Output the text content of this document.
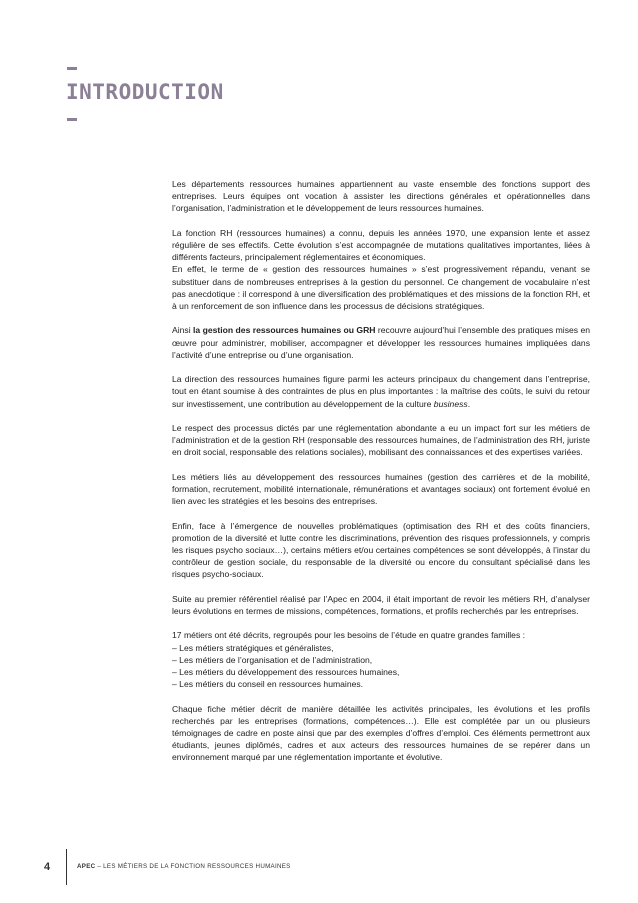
INTRODUCTION

Les départements ressources humaines appartiennent au vaste ensemble des fonctions support des entreprises. Leurs équipes ont vocation à assister les directions générales et opérationnelles dans l’organisation, l’administration et le développement de leurs ressources humaines.

La fonction RH (ressources humaines) a connu, depuis les années 1970, une expansion lente et assez régulière de ses effectifs. Cette évolution s’est accompagnée de mutations qualitatives importantes, liées à différents facteurs, principalement réglementaires et économiques.
En effet, le terme de « gestion des ressources humaines » s’est progressivement répandu, venant se substituer dans de nombreuses entreprises à la gestion du personnel. Ce changement de vocabulaire n’est pas anecdotique : il correspond à une diversification des problématiques et des missions de la fonction RH, et à un renforcement de son influence dans les processus de décisions stratégiques.

Ainsi la gestion des ressources humaines ou GRH recouvre aujourd’hui l’ensemble des pratiques mises en œuvre pour administrer, mobiliser, accompagner et développer les ressources humaines impliquées dans l’activité d’une entreprise ou d’une organisation.

La direction des ressources humaines figure parmi les acteurs principaux du changement dans l’entreprise, tout en étant soumise à des contraintes de plus en plus importantes : la maîtrise des coûts, le suivi du retour sur investissement, une contribution au développement de la culture business.

Le respect des processus dictés par une réglementation abondante a eu un impact fort sur les métiers de l’administration et de la gestion RH (responsable des ressources humaines, de l’administration des RH, juriste en droit social, responsable des relations sociales), mobilisant des connaissances et des expertises variées.

Les métiers liés au développement des ressources humaines (gestion des carrières et de la mobilité, formation, recrutement, mobilité internationale, rémunérations et avantages sociaux) ont fortement évolué en lien avec les stratégies et les besoins des entreprises.

Enfin, face à l’émergence de nouvelles problématiques (optimisation des RH et des coûts financiers, promotion de la diversité et lutte contre les discriminations, prévention des risques professionnels, y compris les risques psycho sociaux…), certains métiers et/ou certaines compétences se sont développés, à l’instar du contrôleur de gestion sociale, du responsable de la diversité ou encore du consultant spécialisé dans les risques psycho-sociaux.

Suite au premier référentiel réalisé par l’Apec en 2004, il était important de revoir les métiers RH, d’analyser leurs évolutions en termes de missions, compétences, formations, et profils recherchés par les entreprises.

17 métiers ont été décrits, regroupés pour les besoins de l’étude en quatre grandes familles :
– Les métiers stratégiques et généralistes,
– Les métiers de l’organisation et de l’administration,
– Les métiers du développement des ressources humaines,
– Les métiers du conseil en ressources humaines.

Chaque fiche métier décrit de manière détaillée les activités principales, les évolutions et les profils recherchés par les entreprises (formations, compétences…). Elle est complétée par un ou plusieurs témoignages de cadre en poste ainsi que par des exemples d’offres d’emploi. Ces éléments permettront aux étudiants, jeunes diplômés, cadres et aux acteurs des ressources humaines de se repérer dans un environnement marqué par une réglementation importante et évolutive.

4	APEC – LES MÉTIERS DE LA FONCTION RESSOURCES HUMAINES
